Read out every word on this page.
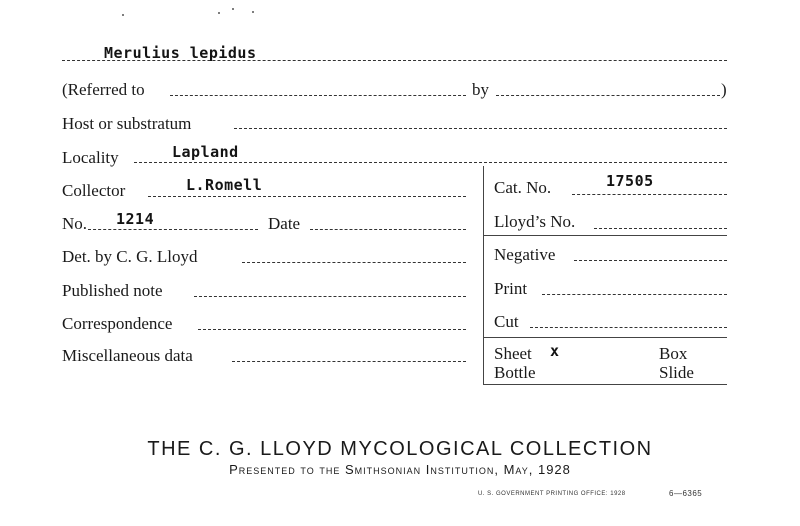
Merulius lepidus
(Referred to	by	)
Host or substratum
Locality	Lapland
Collector	L.Romell	Cat. No.	17505
No. 1214	Date	Lloyd’s No.
Det. by C. G. Lloyd	Negative
Published note	Print
Correspondence	Cut
Miscellaneous data	Sheet x	Box
Bottle	Slide
THE C. G. LLOYD MYCOLOGICAL COLLECTION
Presented to the Smithsonian Institution, May, 1928
U. S. GOVERNMENT PRINTING OFFICE: 1928	6—6365
